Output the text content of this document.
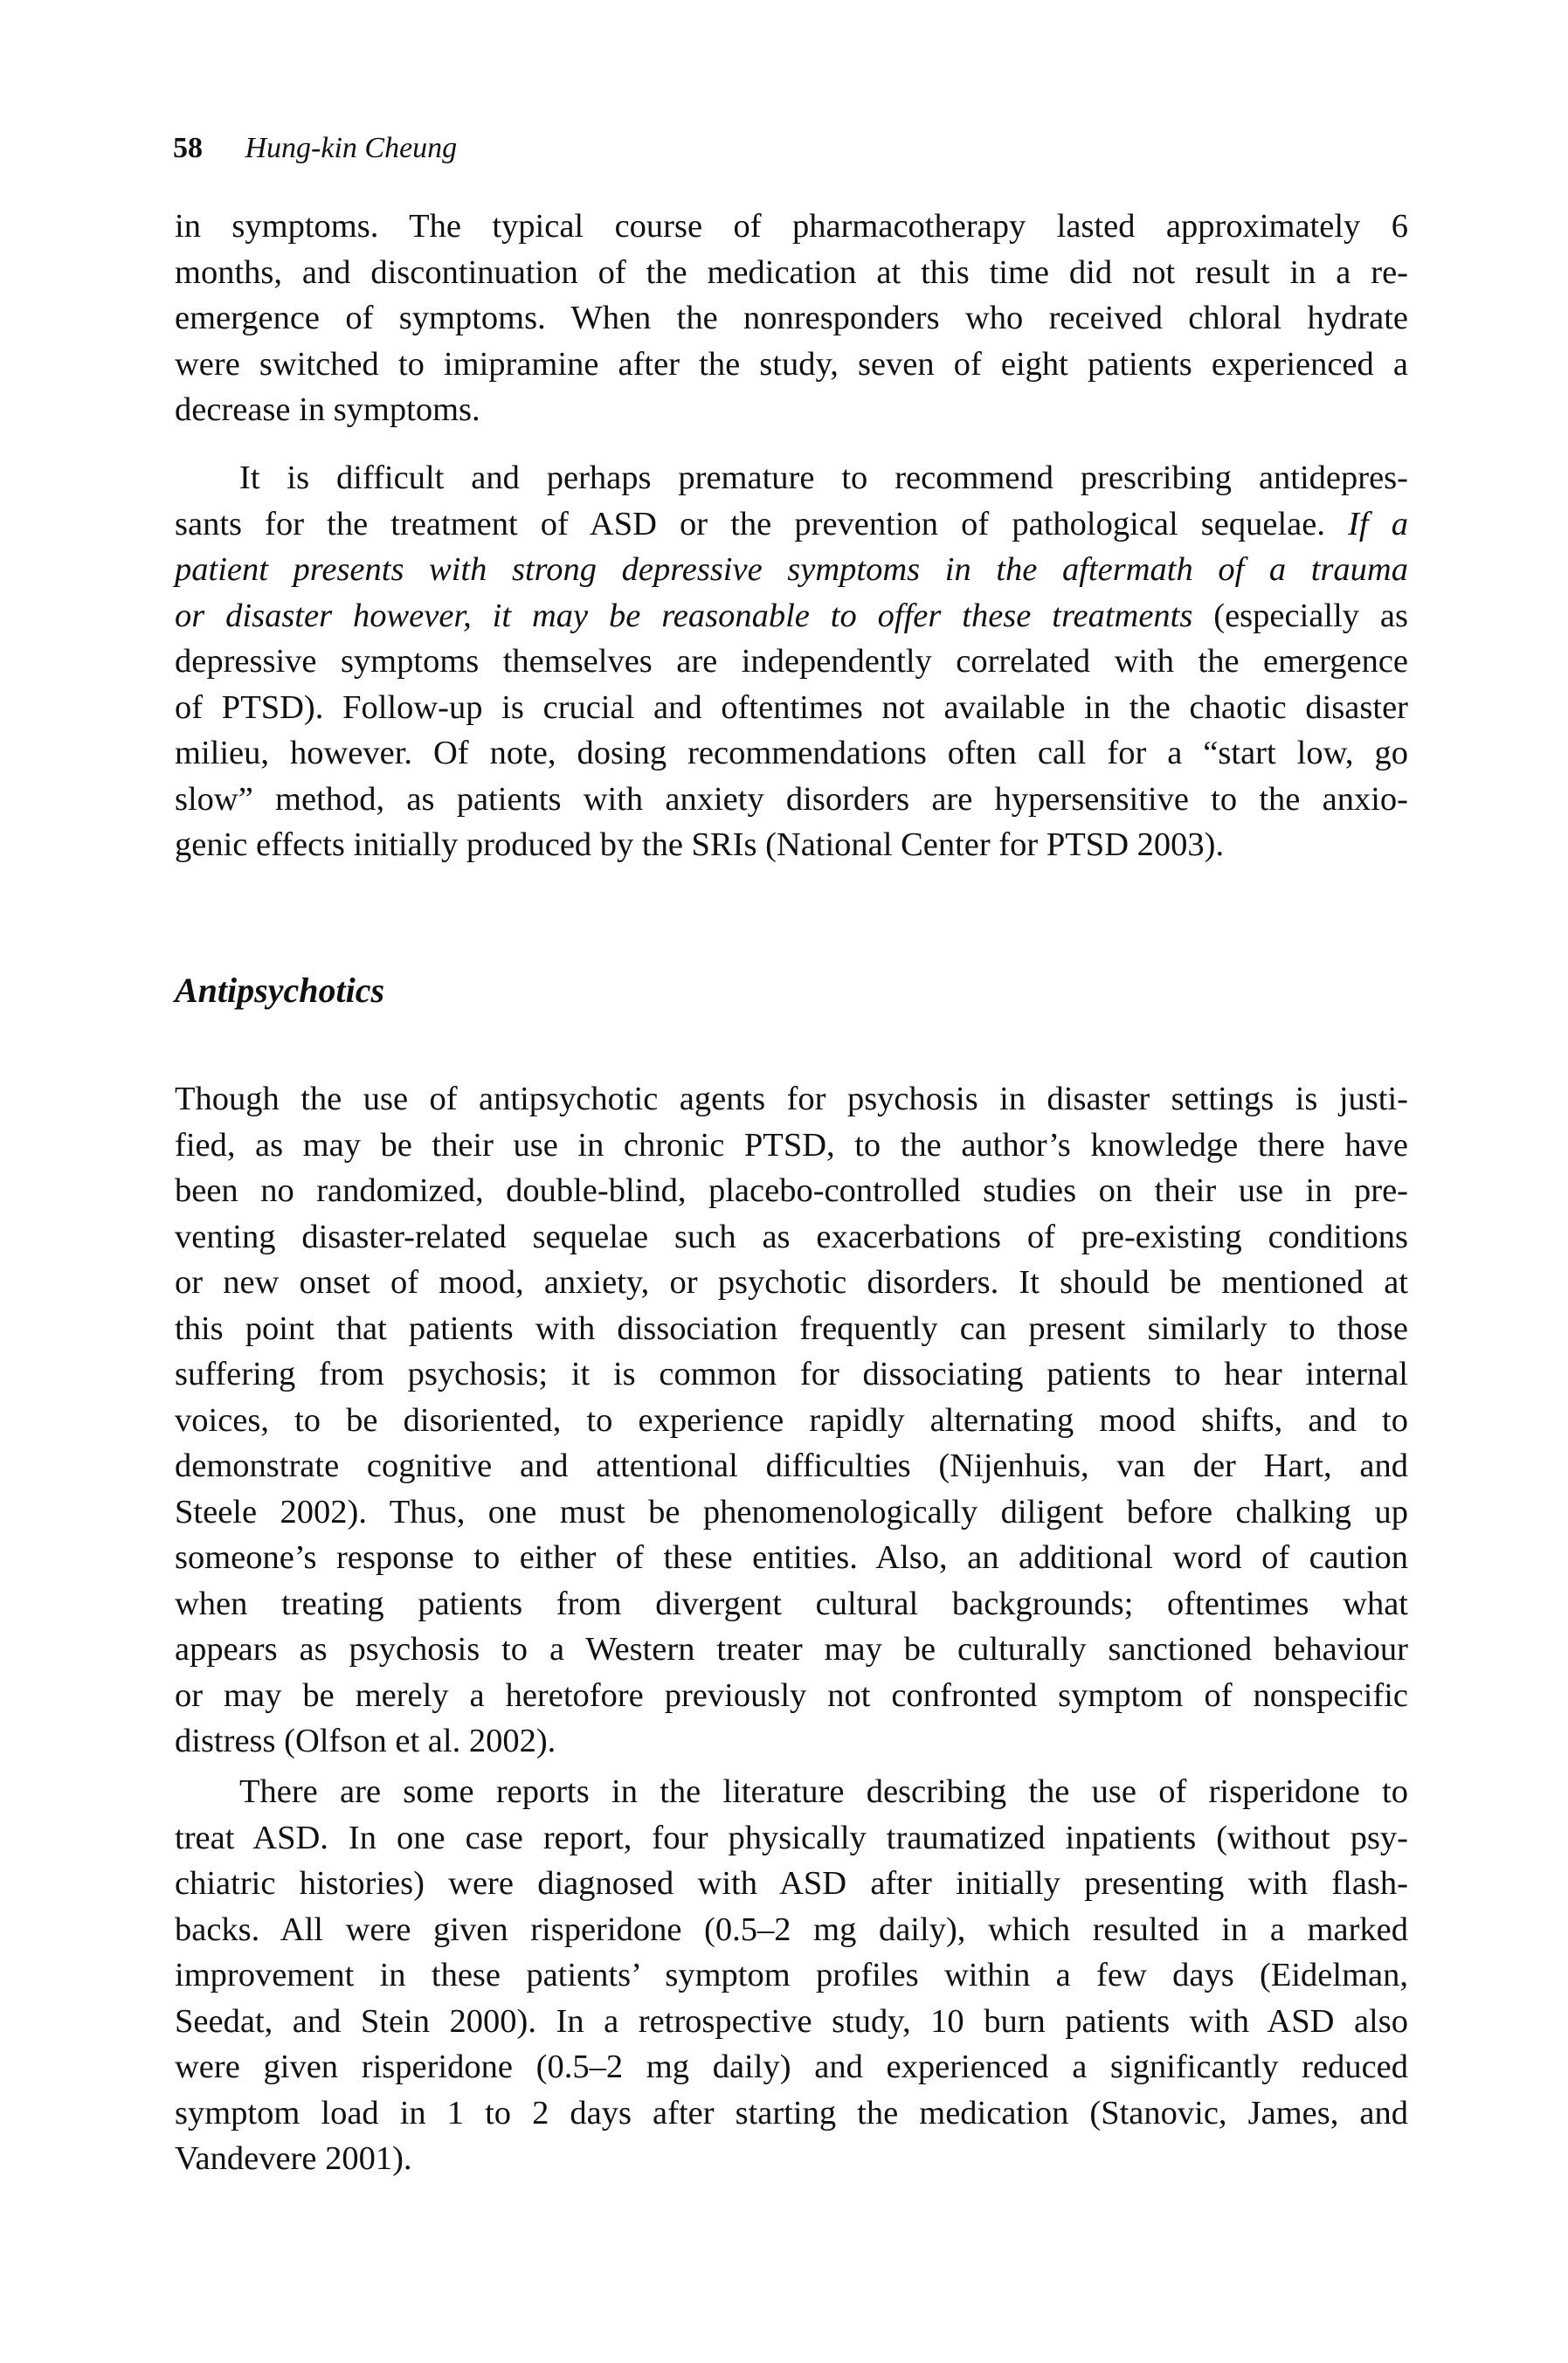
58 Hung-kin Cheung
in symptoms. The typical course of pharmacotherapy lasted approximately 6
months, and discontinuation of the medication at this time did not result in a re-
emergence of symptoms. When the nonresponders who received chloral hydrate
were switched to imipramine after the study, seven of eight patients experienced a
decrease in symptoms.
It is difficult and perhaps premature to recommend prescribing antidepres-
sants for the treatment of ASD or the prevention of pathological sequelae. If a
patient presents with strong depressive symptoms in the aftermath of a trauma
or disaster however, it may be reasonable to offer these treatments (especially as
depressive symptoms themselves are independently correlated with the emergence
of PTSD). Follow-up is crucial and oftentimes not available in the chaotic disaster
milieu, however. Of note, dosing recommendations often call for a “start low, go
slow” method, as patients with anxiety disorders are hypersensitive to the anxio-
genic effects initially produced by the SRIs (National Center for PTSD 2003).
Antipsychotics
Though the use of antipsychotic agents for psychosis in disaster settings is justi-
fied, as may be their use in chronic PTSD, to the author’s knowledge there have
been no randomized, double-blind, placebo-controlled studies on their use in pre-
venting disaster-related sequelae such as exacerbations of pre-existing conditions
or new onset of mood, anxiety, or psychotic disorders. It should be mentioned at
this point that patients with dissociation frequently can present similarly to those
suffering from psychosis; it is common for dissociating patients to hear internal
voices, to be disoriented, to experience rapidly alternating mood shifts, and to
demonstrate cognitive and attentional difficulties (Nijenhuis, van der Hart, and
Steele 2002). Thus, one must be phenomenologically diligent before chalking up
someone’s response to either of these entities. Also, an additional word of caution
when treating patients from divergent cultural backgrounds; oftentimes what
appears as psychosis to a Western treater may be culturally sanctioned behaviour
or may be merely a heretofore previously not confronted symptom of nonspecific
distress (Olfson et al. 2002).
There are some reports in the literature describing the use of risperidone to
treat ASD. In one case report, four physically traumatized inpatients (without psy-
chiatric histories) were diagnosed with ASD after initially presenting with flash-
backs. All were given risperidone (0.5–2 mg daily), which resulted in a marked
improvement in these patients’ symptom profiles within a few days (Eidelman,
Seedat, and Stein 2000). In a retrospective study, 10 burn patients with ASD also
were given risperidone (0.5–2 mg daily) and experienced a significantly reduced
symptom load in 1 to 2 days after starting the medication (Stanovic, James, and
Vandevere 2001).
